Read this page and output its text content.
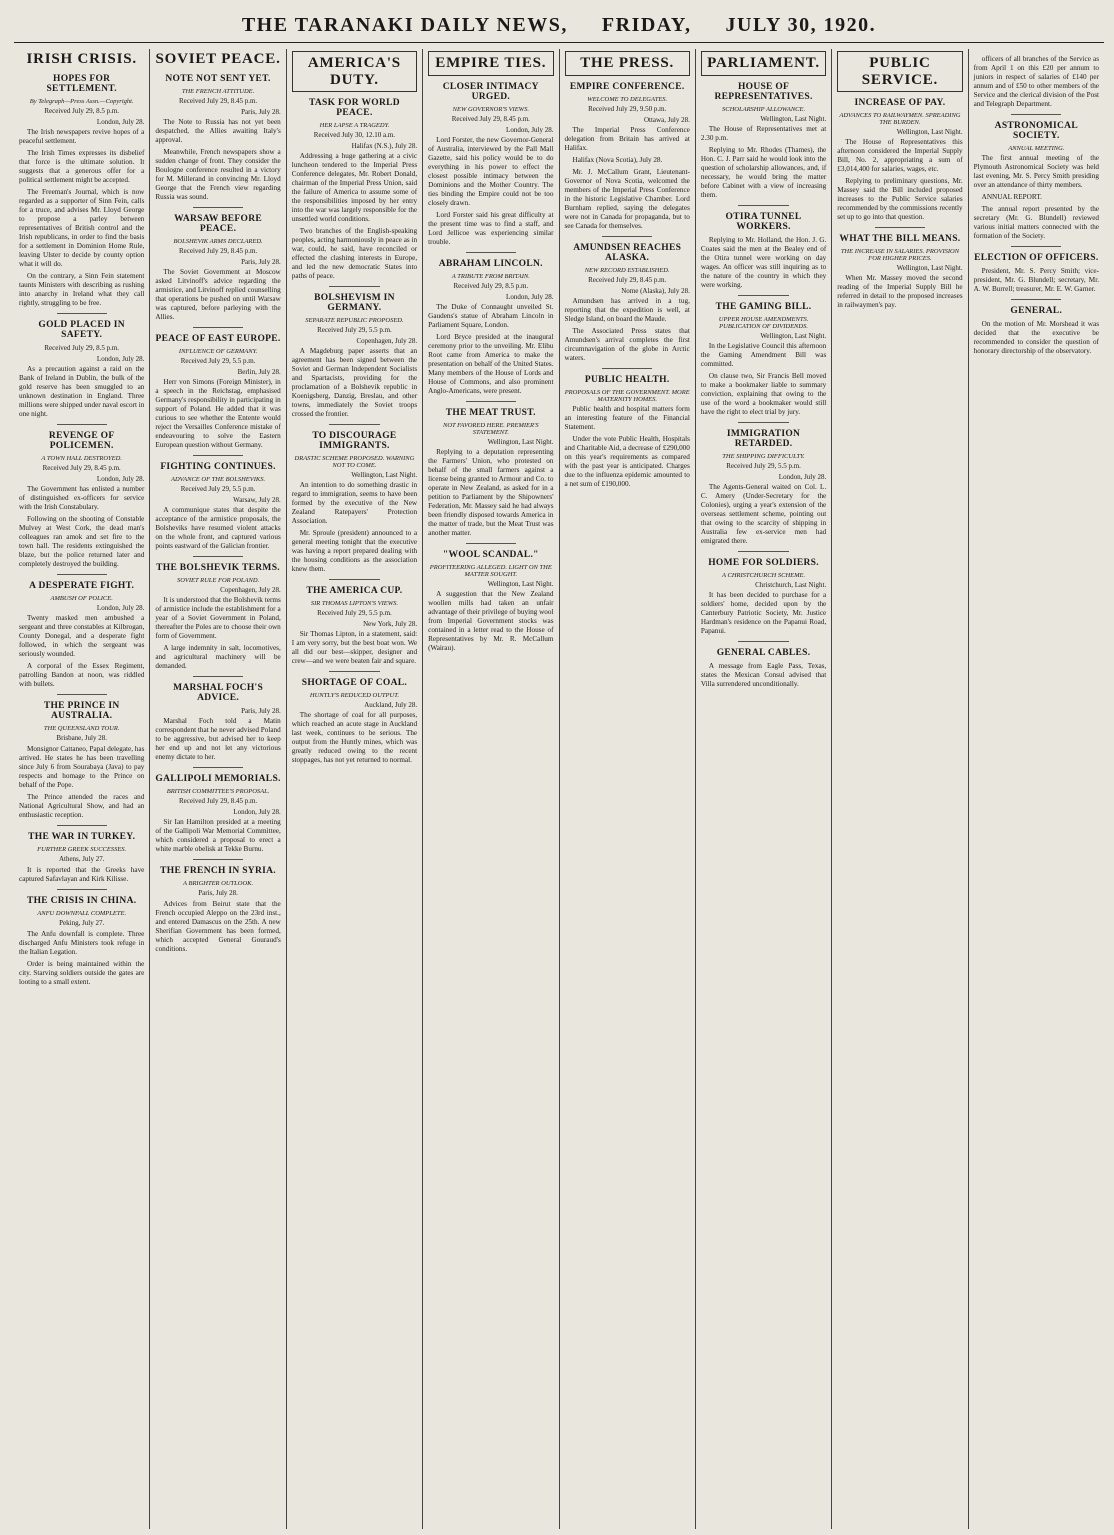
THE TARANAKI DAILY NEWS, FRIDAY, JULY 30, 1920.
IRISH CRISIS.
HOPES FOR SETTLEMENT.
By Telegraph—Press Assn.—Copyright.
Received July 29, 8.5 p.m.
London, July 28.

The Irish newspapers revive hopes of a peaceful settlement.

The Irish Times expresses its disbelief that force is the ultimate solution. It suggests that a generous offer for a political settlement might be accepted.

The Freeman's Journal, which is now regarded as a supporter of Sinn Fein, calls for a truce, and advises Mr. Lloyd George to propose a parley between representatives of British control and the Irish republicans, in order to find the basis for a settlement in Dominion Home Rule, leaving Ulster to decide by county option what it will do.

On the contrary, a Sinn Fein statement taunts Ministers with describing as rushing into anarchy in Ireland what they call rightly, struggling to be free.

GOLD PLACED IN SAFETY.
Received July 29, 8.5 p.m.
London, July 28.

As a precaution against a raid on the Bank of Ireland in Dublin, the bulk of the gold reserve has been smuggled to an unknown destination in England. Three millions were shipped under naval escort in one night.

REVENGE OF POLICEMEN.
A TOWN HALL DESTROYED.
Received July 29, 8.45 p.m.
London, July 28.

The Government has enlisted a number of distinguished ex-officers for service with the Irish Constabulary.

Following on the shooting of Constable Mulvey at West Cork, the dead man's colleagues ran amok and set fire to the town hall. The residents extinguished the blaze, but the police returned later and completely destroyed the building.

A DESPERATE FIGHT.
AMBUSH OF POLICE.
London, July 28.

Twenty masked men ambushed a sergeant and three constables at Kilbrogan, County Donegal, and a desperate fight followed, in which the sergeant was seriously wounded.

A corporal of the Essex Regiment, patrolling Bandon at noon, was riddled with bullets.

THE PRINCE IN AUSTRALIA.
THE QUEENSLAND TOUR.
Brisbane, July 28.

Monsignor Cattaneo, Papal delegate, has arrived. He states he has been travelling since July 6 from Sourabaya (Java) to pay respects and homage to the Prince on behalf of the Pope.

The Prince attended the races and National Agricultural Show, and had an enthusiastic reception.

THE WAR IN TURKEY.
FURTHER GREEK SUCCESSES.
Athens, July 27.

It is reported that the Greeks have captured Safavlayan and Kirk Kilisse.

THE CRISIS IN CHINA.
ANFU DOWNFALL COMPLETE.
Peking, July 27.

The Anfu downfall is complete. Three discharged Anfu Ministers took refuge in the Italian Legation.

Order is being maintained within the city. Starving soldiers outside the gates are looting to a small extent.

SOVIET PEACE.
NOTE NOT SENT YET.
THE FRENCH ATTITUDE.
Received July 29, 8.45 p.m.
Paris, July 28.

The Note to Russia has not yet been despatched, the Allies awaiting Italy's approval.

Meanwhile, French newspapers show a sudden change of front. They consider the Boulogne conference resulted in a victory for M. Millerand in convincing Mr. Lloyd George that the French view regarding Russia was sound.

WARSAW BEFORE PEACE.
BOLSHEVIK ARMS DECLARED.
Received July 29, 8.45 p.m.
Paris, July 28.

The Soviet Government at Moscow asked Litvinoff's advice regarding the armistice, and Litvinoff replied counselling that operations be pushed on until Warsaw was captured, before parleying with the Allies.

PEACE OF EAST EUROPE.
INFLUENCE OF GERMANY.
Received July 29, 5.5 p.m.
Berlin, July 28.

Herr von Simons (Foreign Minister), in a speech in the Reichstag, emphasised Germany's responsibility in participating in support of Poland. He added that it was curious to see whether the Entente would reject the Versailles Conference mistake of endeavouring to solve the Eastern European question without Germany.

FIGHTING CONTINUES.
ADVANCE OF THE BOLSHEVIKS.
Received July 29, 5.5 p.m.
Warsaw, July 28.

A communique states that despite the acceptance of the armistice proposals, the Bolsheviks have resumed violent attacks on the whole front, and captured various points eastward of the Galician frontier.

THE BOLSHEVIK TERMS.
SOVIET RULE FOR POLAND.
Copenhagen, July 28.

It is understood that the Bolshevik terms of armistice include the establishment for a year of a Soviet Government in Poland, thereafter the Poles are to choose their own form of Government.

A large indemnity in salt, locomotives, and agricultural machinery will be demanded.

MARSHAL FOCH'S ADVICE.
Paris, July 28.

Marshal Foch told a Matin correspondent that he never advised Poland to be aggressive, but advised her to keep her end up and not let any victorious enemy dictate to her.

GALLIPOLI MEMORIALS.
BRITISH COMMITTEE'S PROPOSAL.
Received July 29, 8.45 p.m.
London, July 28.

Sir Ian Hamilton presided at a meeting of the Gallipoli War Memorial Committee, which considered a proposal to erect a white marble obelisk at Tekke Burnu.

THE FRENCH IN SYRIA.
A BRIGHTER OUTLOOK.
Paris, July 28.

Advices from Beirut state that the French occupied Aleppo on the 23rd inst., and entered Damascus on the 25th. A new Sherifian Government has been formed, which accepted General Gouraud's conditions.

AMERICA'S DUTY.
TASK FOR WORLD PEACE.
HER LAPSE A TRAGEDY.
Received July 30, 12.10 a.m.
Halifax (N.S.), July 28.

Addressing a huge gathering at a civic luncheon tendered to the Imperial Press Conference delegates, Mr. Robert Donald, chairman of the Imperial Press Union, said the failure of America to assume some of the responsibilities imposed by her entry into the war was largely responsible for the unsettled world conditions.

Two branches of the English-speaking peoples, acting harmoniously in peace as in war, could, he said, have reconciled or effected the clashing interests in Europe, and led the new democratic States into paths of peace.

BOLSHEVISM IN GERMANY.
SEPARATE REPUBLIC PROPOSED.
Received July 29, 5.5 p.m.
Copenhagen, July 28.

A Magdeburg paper asserts that an agreement has been signed between the Soviet and German Independent Socialists and Spartacists, providing for the proclamation of a Bolshevik republic in Koenigsberg, Danzig, Breslau, and other towns, immediately the Soviet troops crossed the frontier.

TO DISCOURAGE IMMIGRANTS.
DRASTIC SCHEME PROPOSED. WARNING NOT TO COME.
Wellington, Last Night.

An intention to do something drastic in regard to immigration, seems to have been formed by the executive of the New Zealand Ratepayers' Protection Association.

Mr. Sproule (president) announced to a general meeting tonight that the executive was having a report prepared dealing with the housing conditions as the association knew them.

THE AMERICA CUP.
SIR THOMAS LIPTON'S VIEWS.
Received July 29, 5.5 p.m.
New York, July 28.

Sir Thomas Lipton, in a statement, said: I am very sorry, but the best boat won. We all did our best—skipper, designer and crew—and we were beaten fair and square.

SHORTAGE OF COAL.
HUNTLY'S REDUCED OUTPUT.
Auckland, July 28.

The shortage of coal for all purposes, which reached an acute stage in Auckland last week, continues to be serious. The output from the Huntly mines, which was greatly reduced owing to the recent stoppages, has not yet returned to normal.

EMPIRE TIES.
CLOSER INTIMACY URGED.
NEW GOVERNOR'S VIEWS.
Received July 29, 8.45 p.m.
London, July 28.

Lord Forster, the new Governor-General of Australia, interviewed by the Pall Mall Gazette, said his policy would be to do everything in his power to effect the closest possible intimacy between the Dominions and the Mother Country. The ties binding the Empire could not be too closely drawn.

Lord Forster said his great difficulty at the present time was to find a staff, and Lord Jellicoe was experiencing similar trouble.

ABRAHAM LINCOLN.
A TRIBUTE FROM BRITAIN.
Received July 29, 8.5 p.m.
London, July 28.

The Duke of Connaught unveiled St. Gaudens's statue of Abraham Lincoln in Parliament Square, London.

Lord Bryce presided at the inaugural ceremony prior to the unveiling. Mr. Elihu Root came from America to make the presentation on behalf of the United States. Many members of the House of Lords and House of Commons, and also prominent Anglo-Americans, were present.

THE MEAT TRUST.
NOT FAVORED HERE. PREMIER'S STATEMENT.
Wellington, Last Night.

Replying to a deputation representing the Farmers' Union, who protested on behalf of the small farmers against a license being granted to Armour and Co. to operate in New Zealand, as asked for in a petition to Parliament by the Shipowners' Federation, Mr. Massey said he had always been friendly disposed towards America in the matter of trade, but the Meat Trust was another matter.

"WOOL SCANDAL."
PROFITEERING ALLEGED. LIGHT ON THE MATTER SOUGHT.
Wellington, Last Night.

A suggestion that the New Zealand woollen mills had taken an unfair advantage of their privilege of buying wool from Imperial Government stocks was contained in a letter read to the House of Representatives by Mr. R. McCallum (Wairau).

THE PRESS.
EMPIRE CONFERENCE.
WELCOME TO DELEGATES.
Received July 29, 9.50 p.m.
Ottawa, July 28.

The Imperial Press Conference delegation from Britain has arrived at Halifax.

Halifax (Nova Scotia), July 28.

Mr. J. McCallum Grant, Lieutenant-Governor of Nova Scotia, welcomed the members of the Imperial Press Conference in the historic Legislative Chamber. Lord Burnham replied, saying the delegates were not in Canada for propaganda, but to see Canada for themselves.

AMUNDSEN REACHES ALASKA.
NEW RECORD ESTABLISHED.
Received July 29, 8.45 p.m.
Nome (Alaska), July 28.

Amundsen has arrived in a tug, reporting that the expedition is well, at Sledge Island, on board the Maude.

The Associated Press states that Amundsen's arrival completes the first circumnavigation of the globe in Arctic waters.

PUBLIC HEALTH.
PROPOSALS OF THE GOVERNMENT. MORE MATERNITY HOMES.

Public health and hospital matters form an interesting feature of the Financial Statement.

Under the vote Public Health, Hospitals and Charitable Aid, a decrease of £290,000 on this year's requirements as compared with the past year is anticipated. Charges due to the influenza epidemic amounted to a net sum of £190,000.

PARLIAMENT.
HOUSE OF REPRESENTATIVES.
SCHOLARSHIP ALLOWANCE.
Wellington, Last Night.

The House of Representatives met at 2.30 p.m.

Replying to Mr. Rhodes (Thames), the Hon. C. J. Parr said he would look into the question of scholarship allowances, and, if necessary, he would bring the matter before Cabinet with a view of increasing them.

OTIRA TUNNEL WORKERS.

Replying to Mr. Holland, the Hon. J. G. Coates said the men at the Bealey end of the Otira tunnel were working on day wages. An officer was still inquiring as to the nature of the country in which they were working.

THE GAMING BILL.
UPPER HOUSE AMENDMENTS. PUBLICATION OF DIVIDENDS.
Wellington, Last Night.

In the Legislative Council this afternoon the Gaming Amendment Bill was committed.

On clause two, Sir Francis Bell moved to make a bookmaker liable to summary conviction, explaining that owing to the use of the word a bookmaker would still have the right to elect trial by jury.

IMMIGRATION RETARDED.
THE SHIPPING DIFFICULTY.
Received July 29, 5.5 p.m.
London, July 28.

The Agents-General waited on Col. L. C. Amery (Under-Secretary for the Colonies), urging a year's extension of the overseas settlement scheme, pointing out that owing to the scarcity of shipping in Australia few ex-service men had emigrated there.

HOME FOR SOLDIERS.
A CHRISTCHURCH SCHEME.
Christchurch, Last Night.

It has been decided to purchase for a soldiers' home, decided upon by the Canterbury Patriotic Society, Mr. Justice Hardman's residence on the Papanui Road, Papanui.

GENERAL CABLES.

A message from Eagle Pass, Texas, states the Mexican Consul advised that Villa surrendered unconditionally.

PUBLIC SERVICE.
INCREASE OF PAY.
ADVANCES TO RAILWAYMEN. SPREADING THE BURDEN.
Wellington, Last Night.

The House of Representatives this afternoon considered the Imperial Supply Bill, No. 2, appropriating a sum of £3,014,400 for salaries, wages, etc.

Replying to preliminary questions, Mr. Massey said the Bill included proposed increases to the Public Service salaries recommended by the commissions recently set up to go into that question.

WHAT THE BILL MEANS.
THE INCREASE IN SALARIES. PROVISION FOR HIGHER PRICES.
Wellington, Last Night.

When Mr. Massey moved the second reading of the Imperial Supply Bill he referred in detail to the proposed increases in railwaymen's pay.

officers of all branches of the Service as from April 1 on this £20 per annum to juniors in respect of salaries of £140 per annum and of £50 to other members of the Service and the clerical division of the Post and Telegraph Department.

ASTRONOMICAL SOCIETY.
ANNUAL MEETING.

The first annual meeting of the Plymouth Astronomical Society was held last evening, Mr. S. Percy Smith presiding over an attendance of thirty members.

ANNUAL REPORT.

The annual report presented by the secretary (Mr. G. Blundell) reviewed various initial matters connected with the formation of the Society.

ELECTION OF OFFICERS.

President, Mr. S. Percy Smith; vice-president, Mr. G. Blundell; secretary, Mr. A. W. Burrell; treasurer, Mr. E. W. Garner.

GENERAL.

On the motion of Mr. Morshead it was decided that the executive be recommended to consider the question of honorary directorship of the observatory.
